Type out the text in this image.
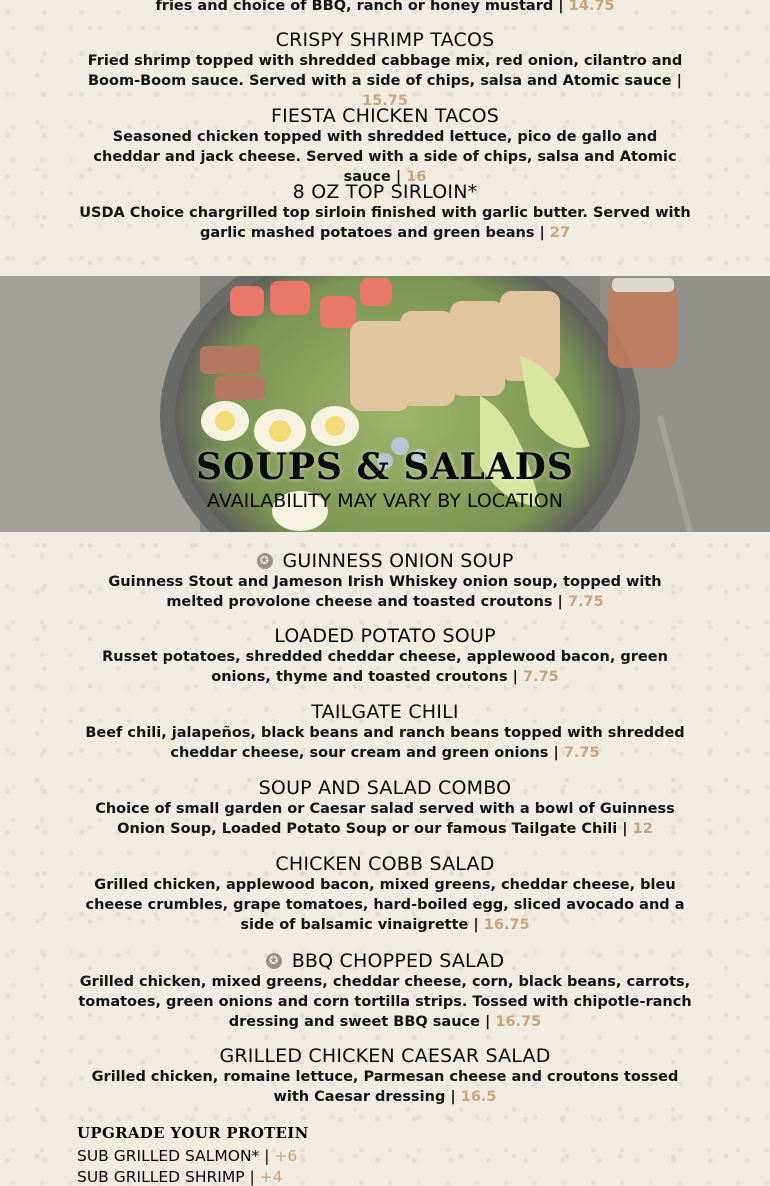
fries and choice of BBQ, ranch or honey mustard | 14.75

CRISPY SHRIMP TACOS

Fried shrimp topped with shredded cabbage mix, red onion, cilantro and Boom-Boom sauce. Served with a side of chips, salsa and Atomic sauce | 15.75

FIESTA CHICKEN TACOS

Seasoned chicken topped with shredded lettuce, pico de gallo and cheddar and jack cheese. Served with a side of chips, salsa and Atomic sauce | 16

8 OZ TOP SIRLOIN*

USDA Choice chargrilled top sirloin finished with garlic butter. Served with garlic mashed potatoes and green beans | 27

SOUPS & SALADS

AVAILABILITY MAY VARY BY LOCATION

✪ GUINNESS ONION SOUP

Guinness Stout and Jameson Irish Whiskey onion soup, topped with melted provolone cheese and toasted croutons | 7.75

LOADED POTATO SOUP

Russet potatoes, shredded cheddar cheese, applewood bacon, green onions, thyme and toasted croutons | 7.75

TAILGATE CHILI

Beef chili, jalapeños, black beans and ranch beans topped with shredded cheddar cheese, sour cream and green onions | 7.75

SOUP AND SALAD COMBO

Choice of small garden or Caesar salad served with a bowl of Guinness Onion Soup, Loaded Potato Soup or our famous Tailgate Chili | 12

CHICKEN COBB SALAD

Grilled chicken, applewood bacon, mixed greens, cheddar cheese, bleu cheese crumbles, grape tomatoes, hard-boiled egg, sliced avocado and a side of balsamic vinaigrette | 16.75

✪ BBQ CHOPPED SALAD

Grilled chicken, mixed greens, cheddar cheese, corn, black beans, carrots, tomatoes, green onions and corn tortilla strips. Tossed with chipotle-ranch dressing and sweet BBQ sauce | 16.75

GRILLED CHICKEN CAESAR SALAD

Grilled chicken, romaine lettuce, Parmesan cheese and croutons tossed with Caesar dressing | 16.5

UPGRADE YOUR PROTEIN

SUB GRILLED SALMON* | +6

SUB GRILLED SHRIMP | +4
